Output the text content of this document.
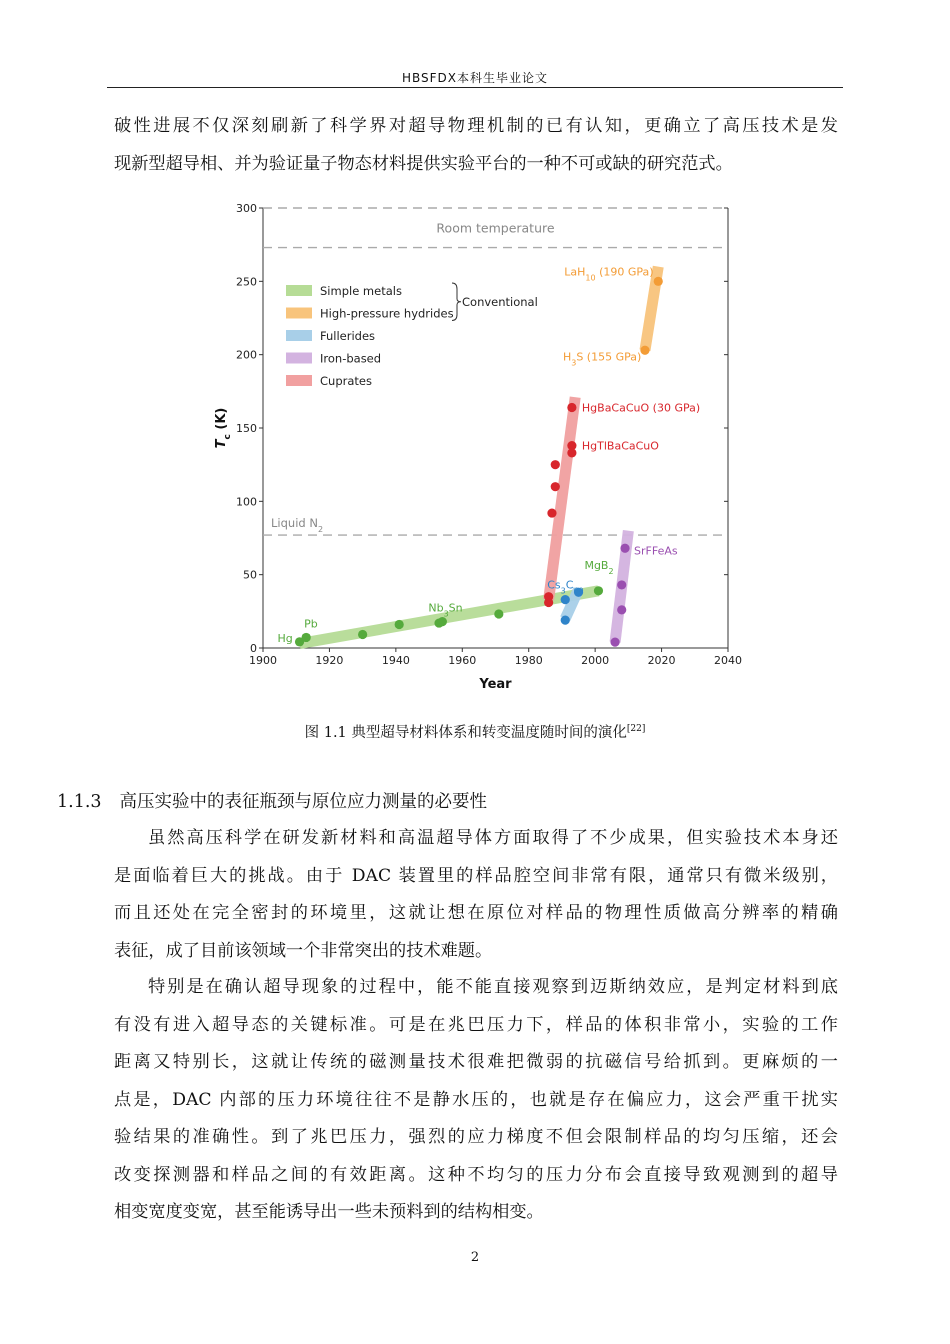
HBSFDX本科生毕业论文
破性进展不仅深刻刷新了科学界对超导物理机制的已有认知，更确立了高压技术是发
现新型超导相、并为验证量子物态材料提供实验平台的一种不可或缺的研究范式。
0
50
100
150
200
250
300
1900	1920	1940	1960	1980	2000	2020	2040
Year
$T_c$ (K)
Room temperature
Liquid $N_2$
Hg
Pb
$Nb_3Sn$
$Cs_3C_{60}$
MgB$_2$
HgBaCaCuO (30 GPa)
HgTlBaCaCuO
$H_3S$ (155 GPa)
LaH$_{10}$ (190 GPa)
SrFFeAs
Simple metals
High-pressure hydrides
Fullerides
Iron-based
Cuprates
Conventional
图 1.1 典型超导材料体系和转变温度随时间的演化[22]
1.1.3 高压实验中的表征瓶颈与原位应力测量的必要性
虽然高压科学在研发新材料和高温超导体方面取得了不少成果，但实验技术本身还
是面临着巨大的挑战。由于 DAC 装置里的样品腔空间非常有限，通常只有微米级别，
而且还处在完全密封的环境里，这就让想在原位对样品的物理性质做高分辨率的精确
表征，成了目前该领域一个非常突出的技术难题。
特别是在确认超导现象的过程中，能不能直接观察到迈斯纳效应，是判定材料到底
有没有进入超导态的关键标准。可是在兆巴压力下，样品的体积非常小，实验的工作
距离又特别长，这就让传统的磁测量技术很难把微弱的抗磁信号给抓到。更麻烦的一
点是，DAC 内部的压力环境往往不是静水压的，也就是存在偏应力，这会严重干扰实
验结果的准确性。到了兆巴压力，强烈的应力梯度不但会限制样品的均匀压缩，还会
改变探测器和样品之间的有效距离。这种不均匀的压力分布会直接导致观测到的超导
相变宽度变宽，甚至能诱导出一些未预料到的结构相变。
2
